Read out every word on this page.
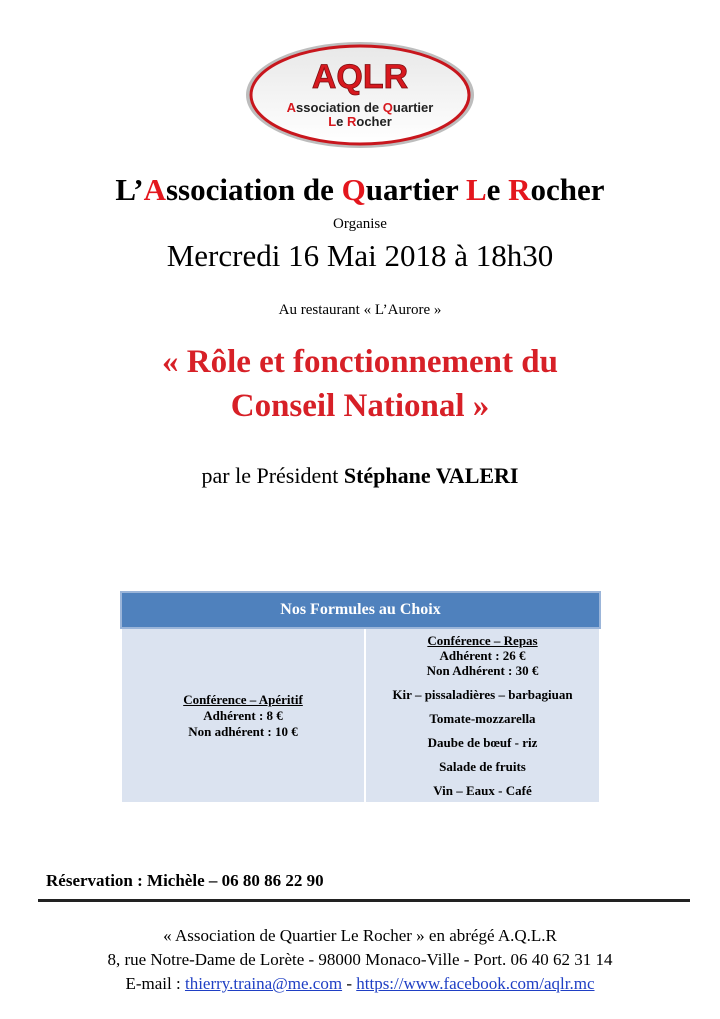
AQLR
Association de Quartier
Le Rocher
L’Association de Quartier Le Rocher
Organise
Mercredi 16 Mai 2018 à 18h30
Au restaurant « L’Aurore »
« Rôle et fonctionnement du
Conseil National »
par le Président Stéphane VALERI
Nos Formules au Choix

Conférence – Apéritif
Adhérent : 8 €
Non adhérent : 10 €

Conférence – Repas
Adhérent : 26 €
Non Adhérent : 30 €
Kir – pissaladières – barbagiuan
Tomate-mozzarella
Daube de bœuf - riz
Salade de fruits
Vin – Eaux - Café
Réservation : Michèle – 06 80 86 22 90
« Association de Quartier Le Rocher » en abrégé A.Q.L.R
8, rue Notre-Dame de Lorète - 98000 Monaco-Ville - Port. 06 40 62 31 14
E-mail : thierry.traina@me.com - https://www.facebook.com/aqlr.mc
